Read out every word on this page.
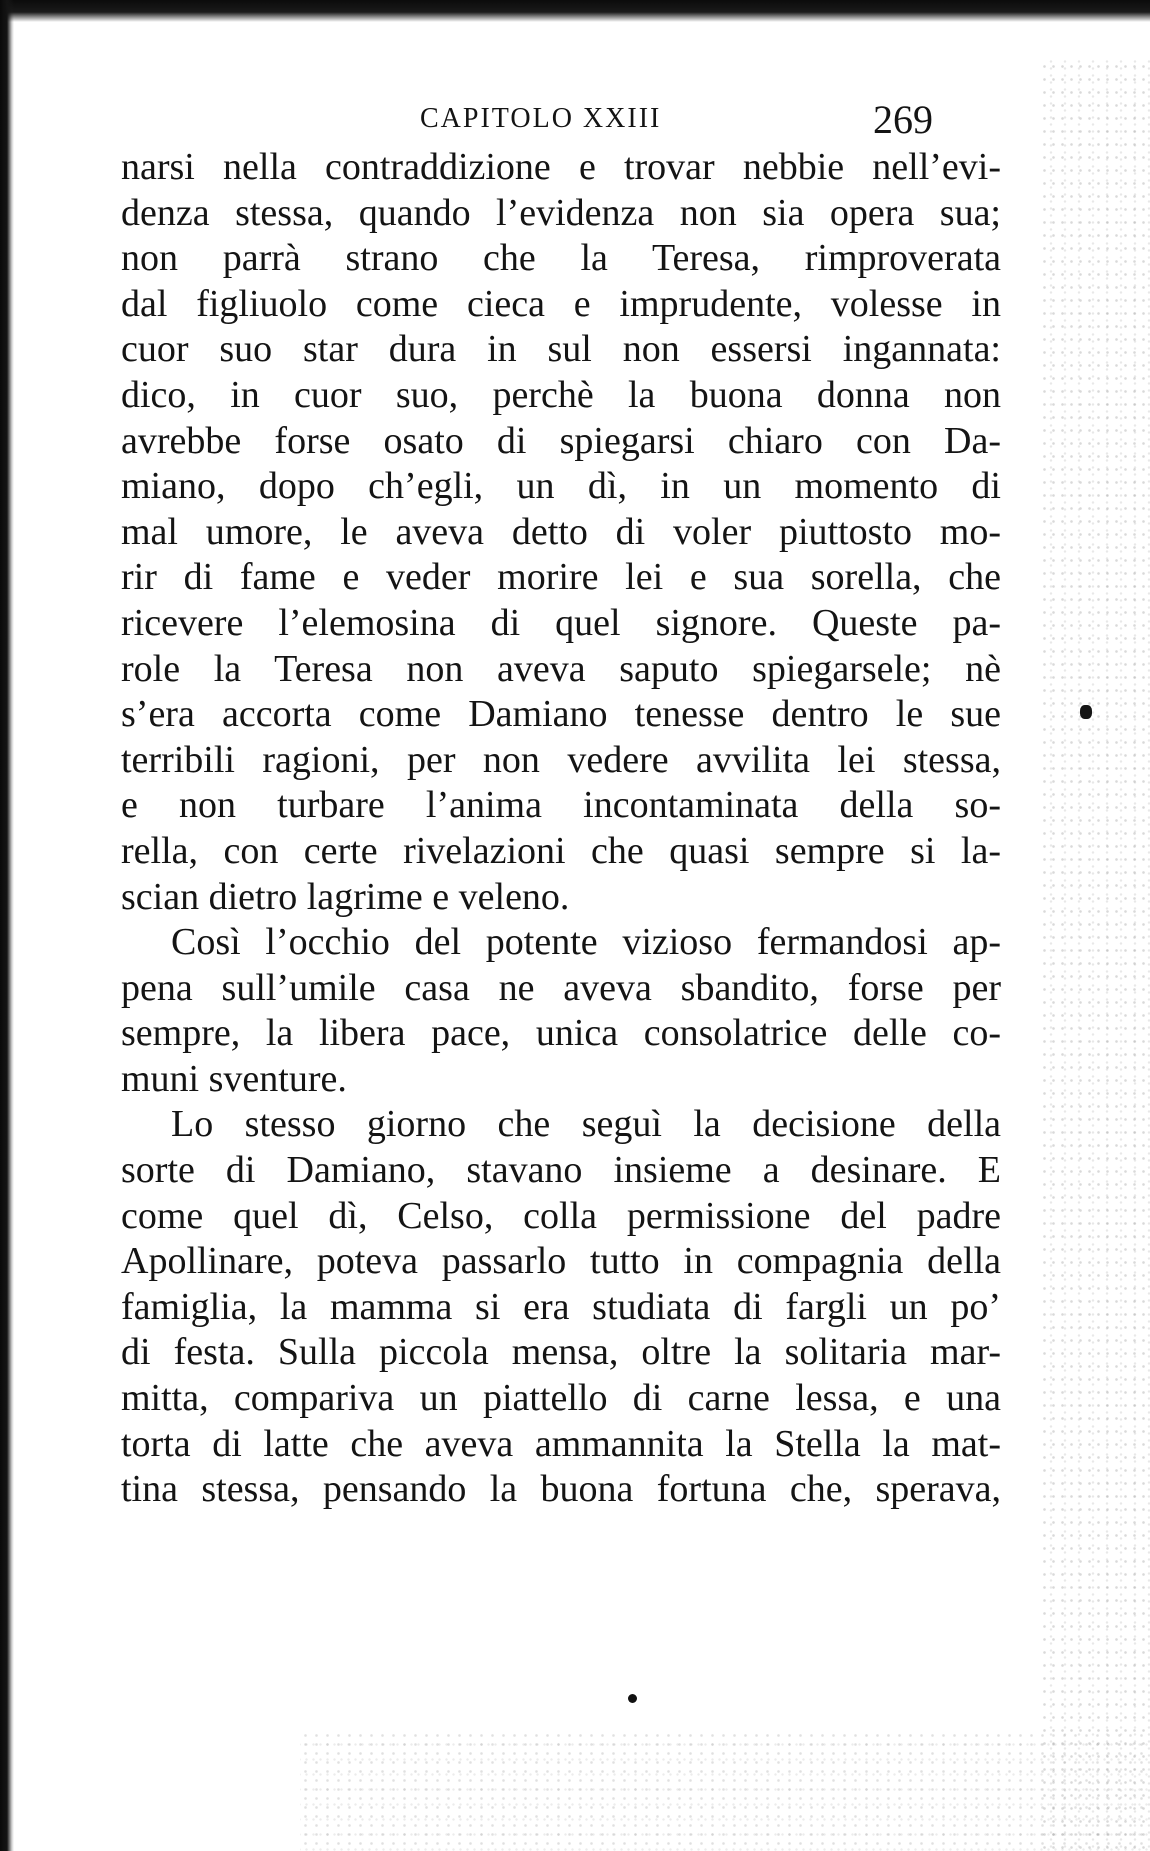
CAPITOLO XXIII	269
narsi nella contraddizione e trovar nebbie nell’evi-
denza stessa, quando l’evidenza non sia opera sua;
non parrà strano che la Teresa, rimproverata
dal figliuolo come cieca e imprudente, volesse in
cuor suo star dura in sul non essersi ingannata:
dico, in cuor suo, perchè la buona donna non
avrebbe forse osato di spiegarsi chiaro con Da-
miano, dopo ch’egli, un dì, in un momento di
mal umore, le aveva detto di voler piuttosto mo-
rir di fame e veder morire lei e sua sorella, che
ricevere l’elemosina di quel signore. Queste pa-
role la Teresa non aveva saputo spiegarsele; nè
s’era accorta come Damiano tenesse dentro le sue
terribili ragioni, per non vedere avvilita lei stessa,
e non turbare l’anima incontaminata della so-
rella, con certe rivelazioni che quasi sempre si la-
scian dietro lagrime e veleno.
Così l’occhio del potente vizioso fermandosi ap-
pena sull’umile casa ne aveva sbandito, forse per
sempre, la libera pace, unica consolatrice delle co-
muni sventure.
Lo stesso giorno che seguì la decisione della
sorte di Damiano, stavano insieme a desinare. E
come quel dì, Celso, colla permissione del padre
Apollinare, poteva passarlo tutto in compagnia della
famiglia, la mamma si era studiata di fargli un po’
di festa. Sulla piccola mensa, oltre la solitaria mar-
mitta, compariva un piattello di carne lessa, e una
torta di latte che aveva ammannita la Stella la mat-
tina stessa, pensando la buona fortuna che, sperava,
